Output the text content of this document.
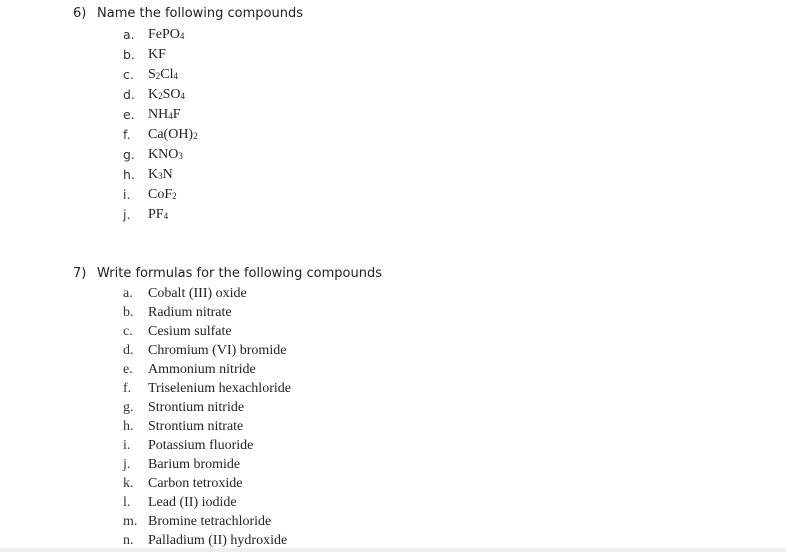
6) Name the following compounds
a. FePO$_4$
b. KF
c. $S_2Cl_4$
d. $K_2SO_4$
e. $NH_4F$
f. $Ca(OH)_2$
g. $KNO_3$
h. $K_3N$
i. CoF$_2$
j. $PF_4$
7) Write formulas for the following compounds
a. Cobalt (III) oxide
b. Radium nitrate
c. Cesium sulfate
d. Chromium (VI) bromide
e. Ammonium nitride
f. Triselenium hexachloride
g. Strontium nitride
h. Strontium nitrate
i. Potassium fluoride
j. Barium bromide
k. Carbon tetroxide
l. Lead (II) iodide
m. Bromine tetrachloride
n. Palladium (II) hydroxide
